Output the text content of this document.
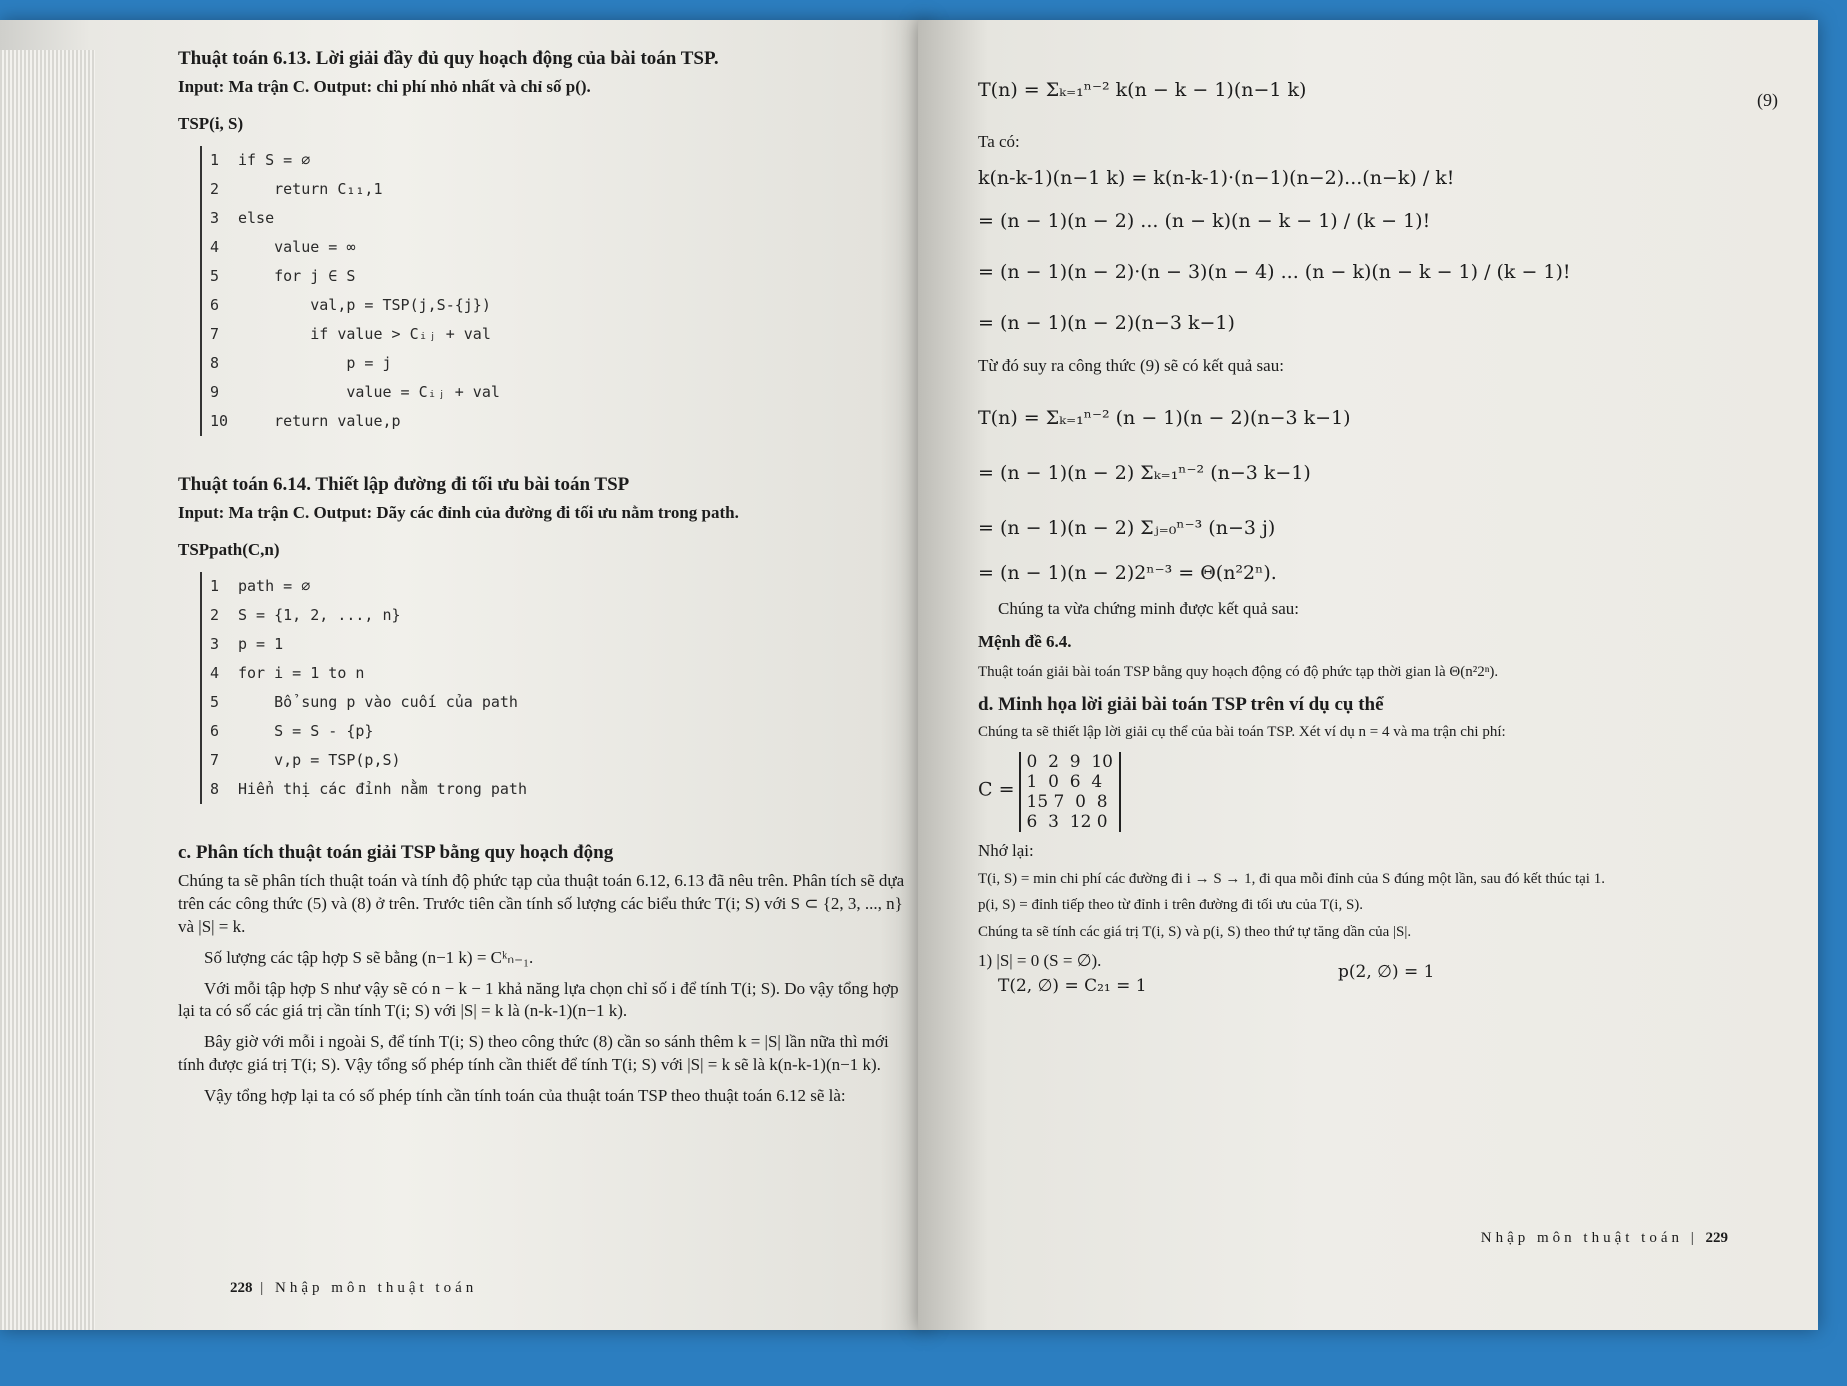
Thuật toán 6.13. Lời giải đầy đủ quy hoạch động của bài toán TSP.

Input: Ma trận C. Output: chi phí nhỏ nhất và chỉ số p().

TSP(i, S)

1 if S = ∅
2    return C₁₁,1
3 else
4    value = ∞
5    for j ∈ S
6        val,p = TSP(j,S-{j})
7        if value > Cᵢⱼ + val
8            p = j
9            value = Cᵢⱼ + val
10    return value,p
Thuật toán 6.14. Thiết lập đường đi tối ưu bài toán TSP

Input: Ma trận C. Output: Dãy các đỉnh của đường đi tối ưu nằm trong path.

TSPpath(C,n)

1 path = ∅
2 S = {1, 2, ..., n}
3 p = 1
4 for i = 1 to n
5    Bổ sung p vào cuối của path
6    S = S - {p}
7    v,p = TSP(p,S)
8 Hiển thị các đỉnh nằm trong path
c. Phân tích thuật toán giải TSP bằng quy hoạch động

Chúng ta sẽ phân tích thuật toán và tính độ phức tạp của thuật toán 6.12, 6.13 đã nêu trên. Phân tích sẽ dựa trên các công thức (5) và (8) ở trên. Trước tiên cần tính số lượng các biểu thức T(i; S) với S ⊂ {2, 3, ..., n} và |S| = k.

Số lượng các tập hợp S sẽ bằng (n−1 k) = Cᵏₙ₋₁.

Với mỗi tập hợp S như vậy sẽ có n − k − 1 khả năng lựa chọn chỉ số i để tính T(i; S). Do vậy tổng hợp lại ta có số các giá trị cần tính T(i; S) với |S| = k là (n-k-1)(n−1 k).

Bây giờ với mỗi i ngoài S, để tính T(i; S) theo công thức (8) cần so sánh thêm k = |S| lần nữa thì mới tính được giá trị T(i; S). Vậy tổng số phép tính cần thiết để tính T(i; S) với |S| = k sẽ là k(n-k-1)(n−1 k).

Vậy tổng hợp lại ta có số phép tính cần tính toán của thuật toán TSP theo thuật toán 6.12 sẽ là:

228 | Nhập môn thuật toán

T(n) = Σₖ₌₁ⁿ⁻² k(n − k − 1)(n−1 k)

Ta có:

k(n-k-1)(n−1 k) = k(n-k-1)·(n−1)(n−2)...(n−k) / k!

= (n − 1)(n − 2) ... (n − k)(n − k − 1) / (k − 1)!

= (n − 1)(n − 2)·(n − 3)(n − 4) ... (n − k)(n − k − 1) / (k − 1)!

= (n − 1)(n − 2)(n−3 k−1)

Từ đó suy ra công thức (9) sẽ có kết quả sau:

T(n) = Σₖ₌₁ⁿ⁻² (n − 1)(n − 2)(n−3 k−1)

= (n − 1)(n − 2) Σₖ₌₁ⁿ⁻² (n−3 k−1)

= (n − 1)(n − 2) Σⱼ₌₀ⁿ⁻³ (n−3 j)

= (n − 1)(n − 2)2ⁿ⁻³ = Θ(n²2ⁿ).

Chúng ta vừa chứng minh được kết quả sau:

Mệnh đề 6.4.

Thuật toán giải bài toán TSP bằng quy hoạch động có độ phức tạp thời gian là Θ(n²2ⁿ).

d. Minh họa lời giải bài toán TSP trên ví dụ cụ thể

Chúng ta sẽ thiết lập lời giải cụ thể của bài toán TSP. Xét ví dụ n = 4 và ma trận chi phí:

C =
0  2  9  10
1  0  6  4
15 7  0  8
6  3  12 0

Nhớ lại:

T(i, S) = min chi phí các đường đi i → S → 1, đi qua mỗi đỉnh của S đúng một lần, sau đó kết thúc tại 1.

p(i, S) = đỉnh tiếp theo từ đỉnh i trên đường đi tối ưu của T(i, S).

Chúng ta sẽ tính các giá trị T(i, S) và p(i, S) theo thứ tự tăng dần của |S|.

1) |S| = 0 (S = ∅).

T(2, ∅) = C₂₁ = 1
p(2, ∅) = 1
(9)
Nhập môn thuật toán | 229
